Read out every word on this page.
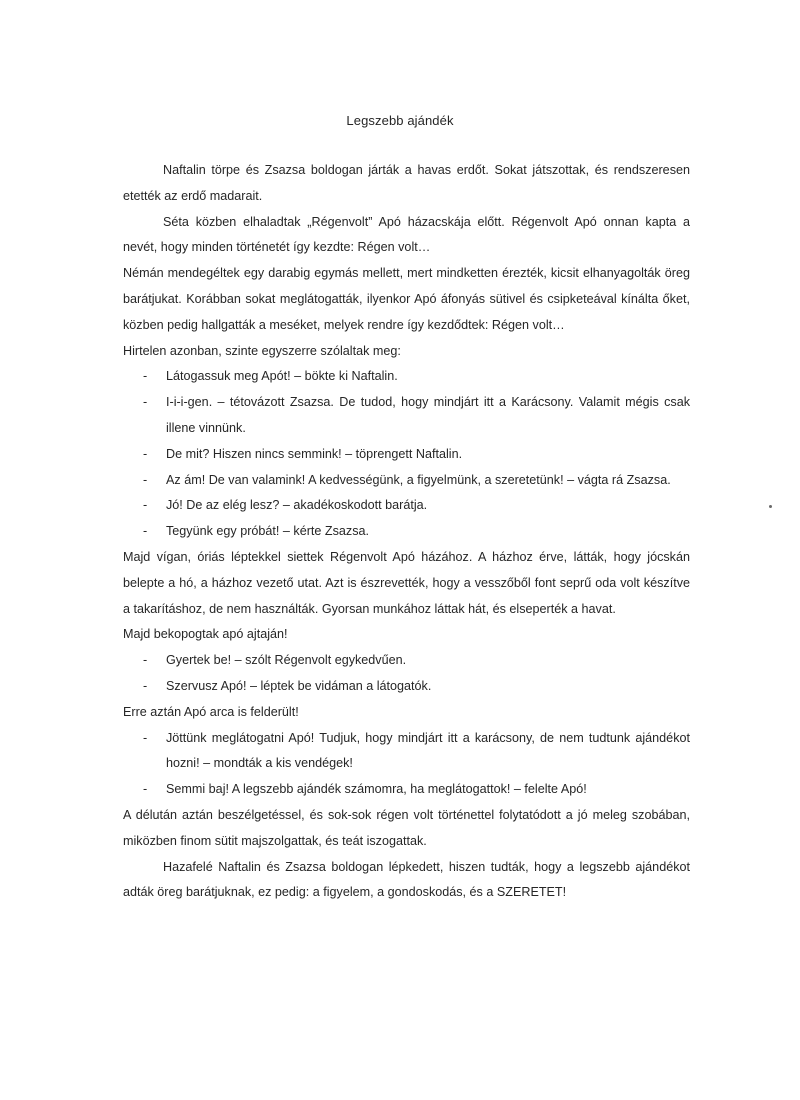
Legszebb ajándék

Naftalin törpe és Zsazsa boldogan járták a havas erdőt. Sokat játszottak, és rendszeresen etették az erdő madarait.

Séta közben elhaladtak „Régenvolt” Apó házacskája előtt. Régenvolt Apó onnan kapta a nevét, hogy minden történetét így kezdte: Régen volt…

Némán mendegéltek egy darabig egymás mellett, mert mindketten érezték, kicsit elhanyagolták öreg barátjukat. Korábban sokat meglátogatták, ilyenkor Apó áfonyás sütivel és csipketeával kínálta őket, közben pedig hallgatták a meséket, melyek rendre így kezdődtek: Régen volt…

Hirtelen azonban, szinte egyszerre szólaltak meg:

- Látogassuk meg Apót! – bökte ki Naftalin.
- I-i-i-gen. – tétovázott Zsazsa. De tudod, hogy mindjárt itt a Karácsony. Valamit mégis csak illene vinnünk.
- De mit? Hiszen nincs semmink! – töprengett Naftalin.
- Az ám! De van valamink! A kedvességünk, a figyelmünk, a szeretetünk! – vágta rá Zsazsa.
- Jó! De az elég lesz? – akadékoskodott barátja.
- Tegyünk egy próbát! – kérte Zsazsa.

Majd vígan, óriás léptekkel siettek Régenvolt Apó házához. A házhoz érve, látták, hogy jócskán belepte a hó, a házhoz vezető utat. Azt is észrevették, hogy a vesszőből font seprű oda volt készítve a takarításhoz, de nem használták. Gyorsan munkához láttak hát, és elseperték a havat.

Majd bekopogtak apó ajtaján!

- Gyertek be! – szólt Régenvolt egykedvűen.
- Szervusz Apó! – léptek be vidáman a látogatók.

Erre aztán Apó arca is felderült!

- Jöttünk meglátogatni Apó! Tudjuk, hogy mindjárt itt a karácsony, de nem tudtunk ajándékot hozni! – mondták a kis vendégek!
- Semmi baj! A legszebb ajándék számomra, ha meglátogattok! – felelte Apó!

A délután aztán beszélgetéssel, és sok-sok régen volt történettel folytatódott a jó meleg szobában, miközben finom sütit majszolgattak, és teát iszogattak.

Hazafelé Naftalin és Zsazsa boldogan lépkedett, hiszen tudták, hogy a legszebb ajándékot adták öreg barátjuknak, ez pedig: a figyelem, a gondoskodás, és a SZERETET!
